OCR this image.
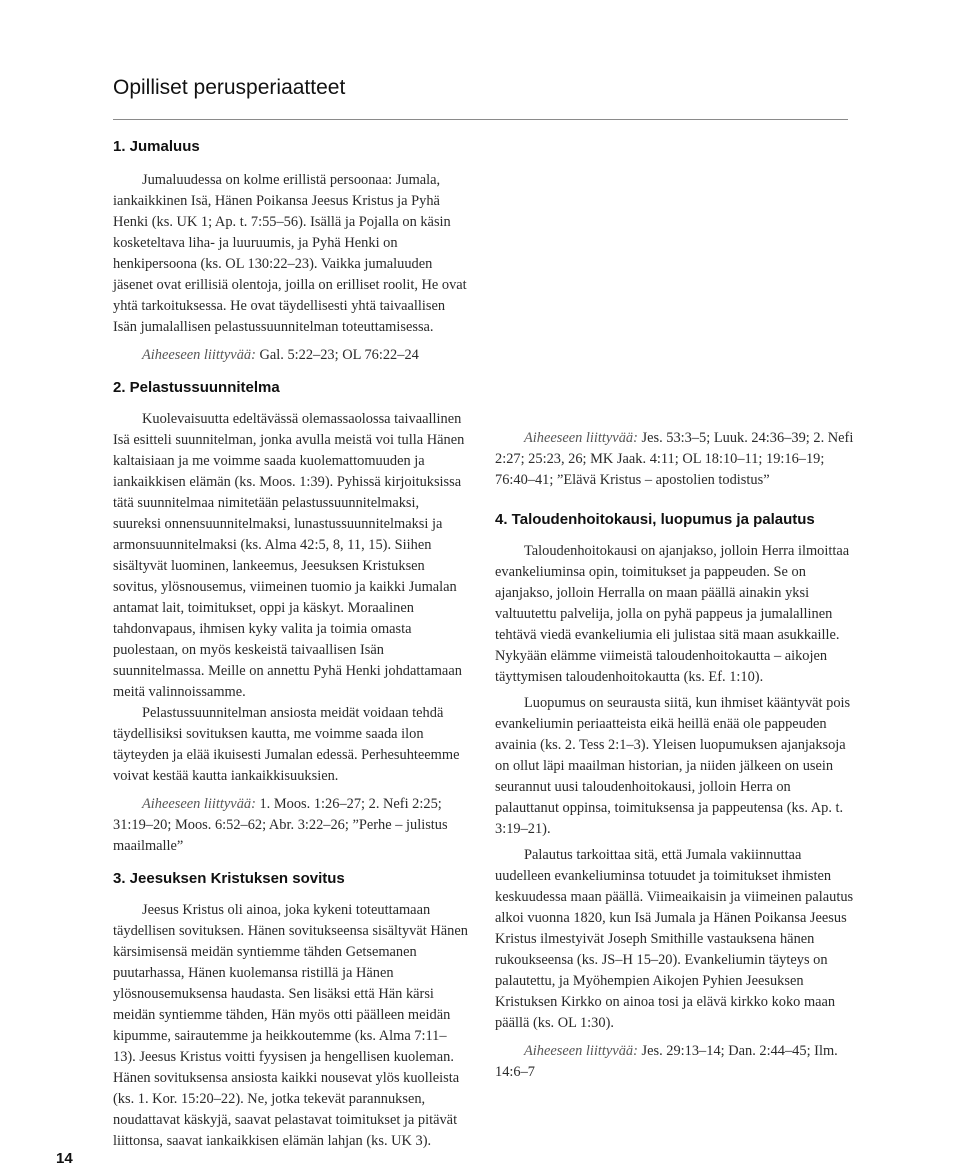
Opilliset perusperiaatteet
1. Jumaluus

Jumaluudessa on kolme erillistä persoonaa: Jumala, iankaikkinen Isä, Hänen Poikansa Jeesus Kristus ja Pyhä Henki (ks. UK 1; Ap. t. 7:55–56). Isällä ja Pojalla on käsin kosketeltava liha- ja luuruumis, ja Pyhä Henki on henkipersoona (ks. OL 130:22–23). Vaikka jumaluuden jäsenet ovat erillisiä olentoja, joilla on erilliset roolit, He ovat yhtä tarkoituksessa. He ovat täydellisesti yhtä taivaallisen Isän jumalallisen pelastussuunnitelman toteuttamisessa.

Aiheeseen liittyvää: Gal. 5:22–23; OL 76:22–24

2. Pelastussuunnitelma

Kuolevaisuutta edeltävässä olemassaolossa taivaallinen Isä esitteli suunnitelman, jonka avulla meistä voi tulla Hänen kaltaisiaan ja me voimme saada kuolemattomuuden ja iankaikkisen elämän (ks. Moos. 1:39). Pyhissä kirjoituksissa tätä suunnitelmaa nimitetään pelastussuunnitelmaksi, suureksi onnensuunnitelmaksi, lunastussuunnitelmaksi ja armonsuunnitelmaksi (ks. Alma 42:5, 8, 11, 15). Siihen sisältyvät luominen, lankeemus, Jeesuksen Kristuksen sovitus, ylösnousemus, viimeinen tuomio ja kaikki Jumalan antamat lait, toimitukset, oppi ja käskyt. Moraalinen tahdonvapaus, ihmisen kyky valita ja toimia omasta puolestaan, on myös keskeistä taivaallisen Isän suunnitelmassa. Meille on annettu Pyhä Henki johdattamaan meitä valinnoissamme.

Pelastussuunnitelman ansiosta meidät voidaan tehdä täydellisiksi sovituksen kautta, me voimme saada ilon täyteyden ja elää ikuisesti Jumalan edessä. Perhesuhteemme voivat kestää kautta iankaikkisuuksien.

Aiheeseen liittyvää: 1. Moos. 1:26–27; 2. Nefi 2:25; 31:19–20; Moos. 6:52–62; Abr. 3:22–26; ”Perhe – julistus maailmalle”

3. Jeesuksen Kristuksen sovitus

Jeesus Kristus oli ainoa, joka kykeni toteuttamaan täydellisen sovituksen. Hänen sovitukseensa sisältyvät Hänen kärsimisensä meidän syntiemme tähden Getsemanen puutarhassa, Hänen kuolemansa ristillä ja Hänen ylösnousemuksensa haudasta. Sen lisäksi että Hän kärsi meidän syntiemme tähden, Hän myös otti päälleen meidän kipumme, sairautemme ja heikkoutemme (ks. Alma 7:11–13). Jeesus Kristus voitti fyysisen ja hengellisen kuoleman. Hänen sovituksensa ansiosta kaikki nousevat ylös kuolleista (ks. 1. Kor. 15:20–22). Ne, jotka tekevät parannuksen, noudattavat käskyjä, saavat pelastavat toimitukset ja pitävät liittonsa, saavat iankaikkisen elämän lahjan (ks. UK 3).

Aiheeseen liittyvää: Jes. 53:3–5; Luuk. 24:36–39; 2. Nefi 2:27; 25:23, 26; MK Jaak. 4:11; OL 18:10–11; 19:16–19; 76:40–41; ”Elävä Kristus – apostolien todistus”

4. Taloudenhoitokausi, luopumus ja palautus

Taloudenhoitokausi on ajanjakso, jolloin Herra ilmoittaa evankeliuminsa opin, toimitukset ja pappeuden. Se on ajanjakso, jolloin Herralla on maan päällä ainakin yksi valtuutettu palvelija, jolla on pyhä pappeus ja jumalallinen tehtävä viedä evankeliumia eli julistaa sitä maan asukkaille. Nykyään elämme viimeistä taloudenhoitokautta – aikojen täyttymisen taloudenhoitokautta (ks. Ef. 1:10).

Luopumus on seurausta siitä, kun ihmiset kääntyvät pois evankeliumin periaatteista eikä heillä enää ole pappeuden avainia (ks. 2. Tess 2:1–3). Yleisen luopumuksen ajanjaksoja on ollut läpi maailman historian, ja niiden jälkeen on usein seurannut uusi taloudenhoitokausi, jolloin Herra on palauttanut oppinsa, toimituksensa ja pappeutensa (ks. Ap. t. 3:19–21).

Palautus tarkoittaa sitä, että Jumala vakiinnuttaa uudelleen evankeliuminsa totuudet ja toimitukset ihmisten keskuudessa maan päällä. Viimeaikaisin ja viimeinen palautus alkoi vuonna 1820, kun Isä Jumala ja Hänen Poikansa Jeesus Kristus ilmestyivät Joseph Smithille vastauksena hänen rukoukseensa (ks. JS–H 15–20). Evankeliumin täyteys on palautettu, ja Myöhempien Aikojen Pyhien Jeesuksen Kristuksen Kirkko on ainoa tosi ja elävä kirkko koko maan päällä (ks. OL 1:30).

Aiheeseen liittyvää: Jes. 29:13–14; Dan. 2:44–45; Ilm. 14:6–7

14
